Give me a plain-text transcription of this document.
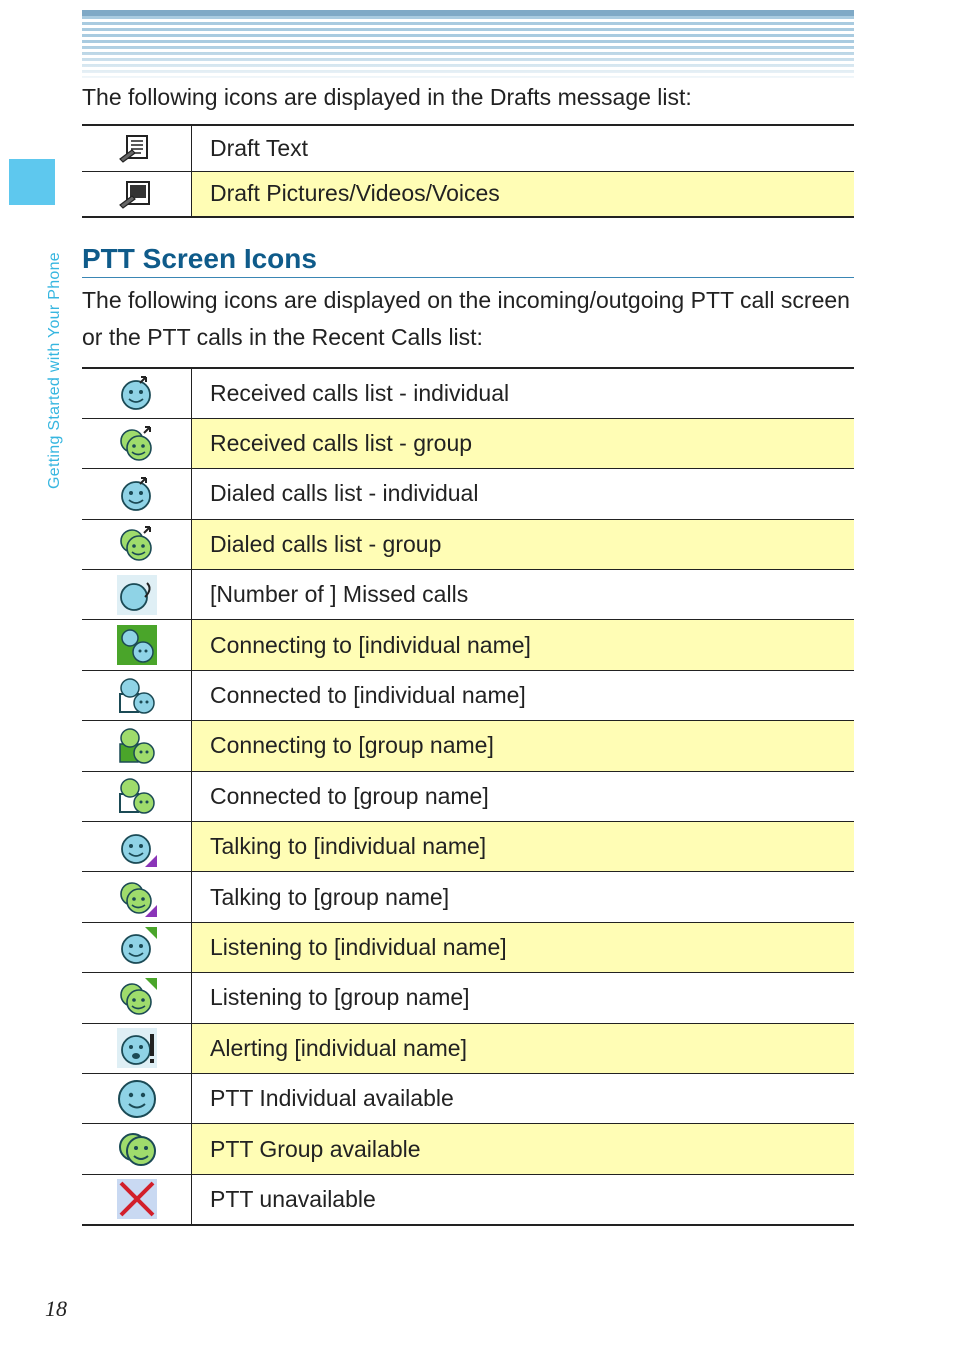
Getting Started with Your Phone
The following icons are displayed in the Drafts message list:
	Draft Text
	Draft Pictures/Videos/Voices
PTT Screen Icons
The following icons are displayed on the incoming/outgoing PTT call screen or the PTT calls in the Recent Calls list:
	Received calls list - individual
	Received calls list - group
	Dialed calls list - individual
	Dialed calls list - group
	[Number of ] Missed calls
	Connecting to [individual name]
	Connected to [individual name]
	Connecting to [group name]
	Connected to [group name]
	Talking to [individual name]
	Talking to [group name]
	Listening to [individual name]
	Listening to [group name]
	Alerting [individual name]
	PTT Individual available
	PTT Group available
	PTT unavailable
18
